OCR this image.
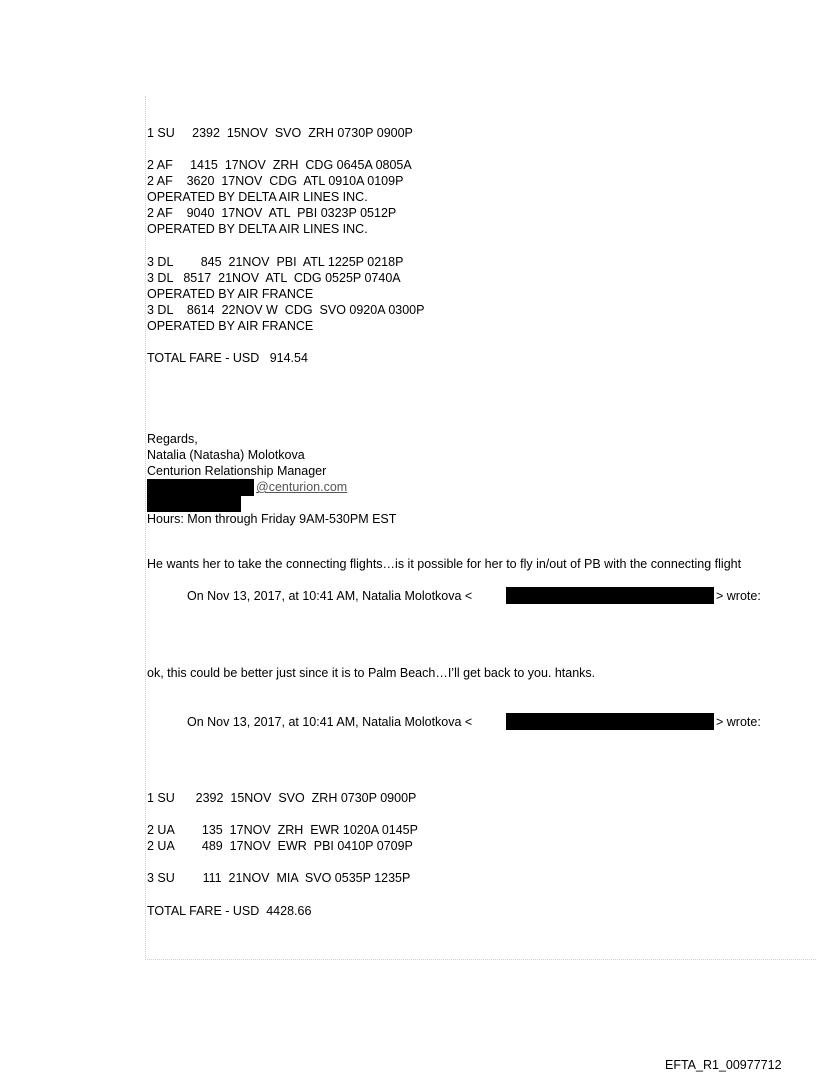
1 SU     2392  15NOV  SVO  ZRH 0730P 0900P
2 AF     1415  17NOV  ZRH  CDG 0645A 0805A
2 AF    3620  17NOV  CDG  ATL 0910A 0109P
OPERATED BY DELTA AIR LINES INC.
2 AF    9040  17NOV  ATL  PBI 0323P 0512P
OPERATED BY DELTA AIR LINES INC.
3 DL        845  21NOV  PBI  ATL 1225P 0218P
3 DL   8517  21NOV  ATL  CDG 0525P 0740A
OPERATED BY AIR FRANCE
3 DL    8614  22NOV W  CDG  SVO 0920A 0300P
OPERATED BY AIR FRANCE
TOTAL FARE - USD   914.54
Regards,
Natalia (Natasha) Molotkova
Centurion Relationship Manager
@centurion.com
Hours: Mon through Friday 9AM-530PM EST
He wants her to take the connecting flights…is it possible for her to fly in/out of PB with the connecting flight
On Nov 13, 2017, at 10:41 AM, Natalia Molotkova <	> wrote:
ok, this could be better just since it is to Palm Beach…I’ll get back to you. htanks.
On Nov 13, 2017, at 10:41 AM, Natalia Molotkova <	> wrote:
1 SU      2392  15NOV  SVO  ZRH 0730P 0900P
2 UA        135  17NOV  ZRH  EWR 1020A 0145P
2 UA        489  17NOV  EWR  PBI 0410P 0709P
3 SU        111  21NOV  MIA  SVO 0535P 1235P
TOTAL FARE - USD  4428.66
EFTA_R1_00977712
